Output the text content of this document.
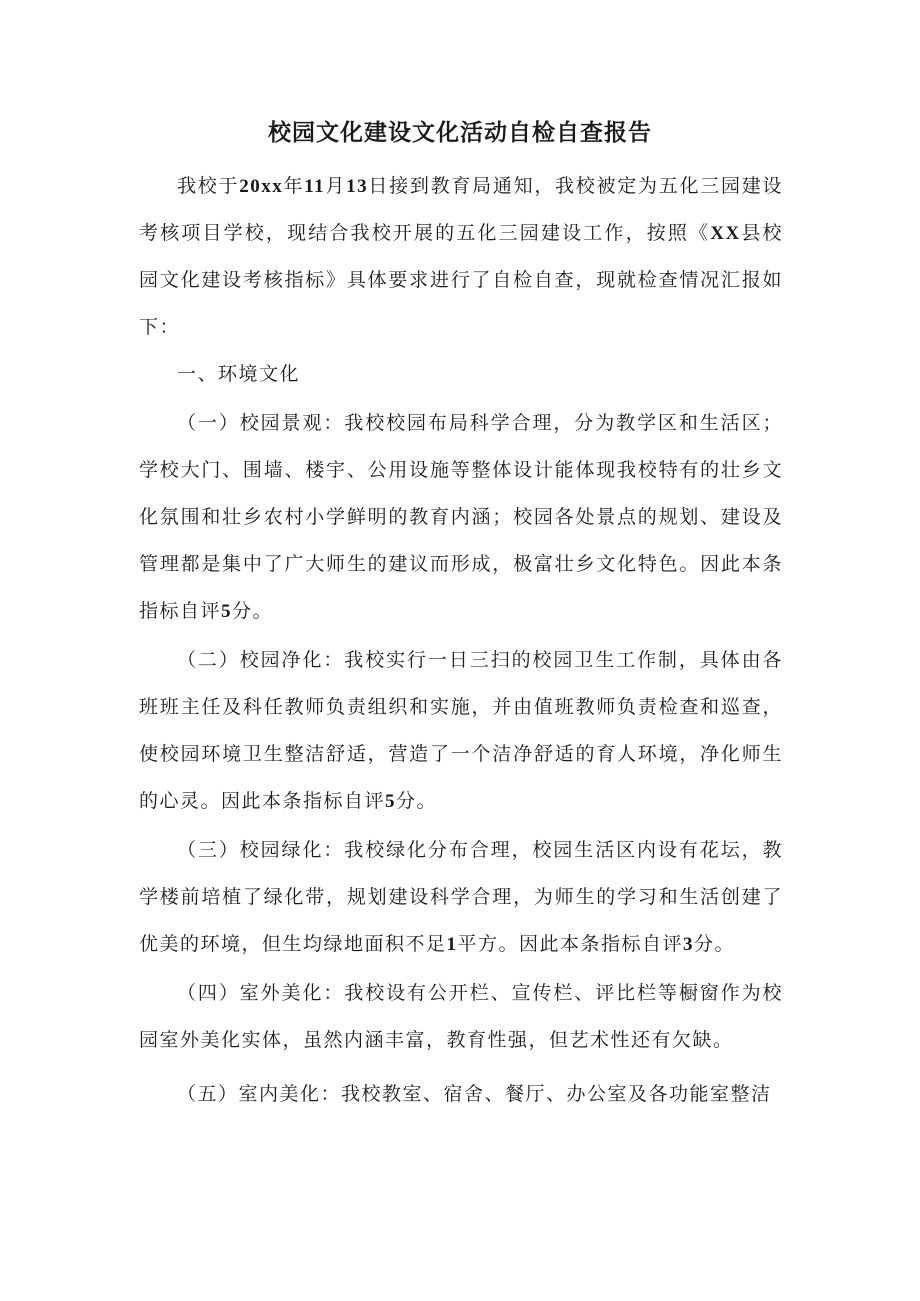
校园文化建设文化活动自检自查报告

我校于20xx年11月13日接到教育局通知，我校被定为五化三园建设考核项目学校，现结合我校开展的五化三园建设工作，按照《XX县校园文化建设考核指标》具体要求进行了自检自查，现就检查情况汇报如下：

一、环境文化

（一）校园景观：我校校园布局科学合理，分为教学区和生活区；学校大门、围墙、楼宇、公用设施等整体设计能体现我校特有的壮乡文化氛围和壮乡农村小学鲜明的教育内涵；校园各处景点的规划、建设及管理都是集中了广大师生的建议而形成，极富壮乡文化特色。因此本条指标自评5分。

（二）校园净化：我校实行一日三扫的校园卫生工作制，具体由各班班主任及科任教师负责组织和实施，并由值班教师负责检查和巡查，使校园环境卫生整洁舒适，营造了一个洁净舒适的育人环境，净化师生的心灵。因此本条指标自评5分。

（三）校园绿化：我校绿化分布合理，校园生活区内设有花坛，教学楼前培植了绿化带，规划建设科学合理，为师生的学习和生活创建了优美的环境，但生均绿地面积不足1平方。因此本条指标自评3分。

（四）室外美化：我校设有公开栏、宣传栏、评比栏等橱窗作为校园室外美化实体，虽然内涵丰富，教育性强，但艺术性还有欠缺。

（五）室内美化：我校教室、宿舍、餐厅、办公室及各功能室整洁
